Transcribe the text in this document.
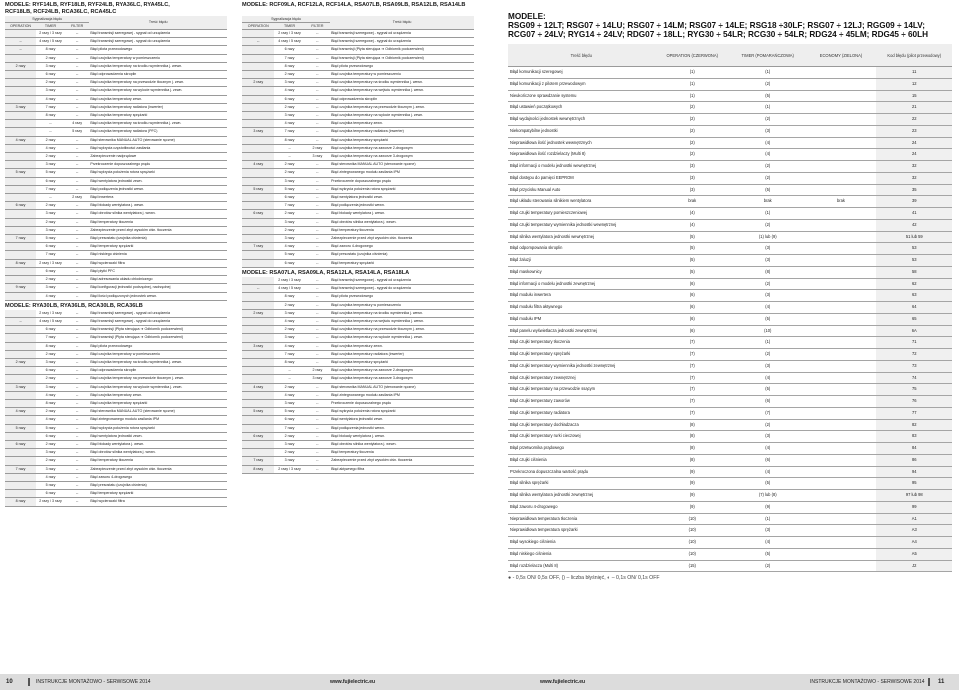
MODELE: RYF14LB, RYF18LB, RYF24LB, RYA36LC, RYA45LC,
RCF18LB, RCF24LB, RCA36LC, RCA45LC
Sygnalizacja błędu			Treść błędu
OPERATION	TIMER	FILTER	
	2 razy / 3 razy	--	Błąd transmisji szeregowej - sygnał od urządzenia
--	4 razy / 5 razy	--	Błąd transmisji szeregowej - sygnał do urządzenia
--	8 razy	--	Błąd pilota przewodowego
	2 razy	--	Błąd czujnika temperatury w pomieszczeniu
2 razy	3 razy	--	Błąd czujnika temperatury na środku wymiennika j. wewn.
	6 razy	--	Błąd odprowadzenia skroplin
	2 razy	--	Błąd czujnika temperatury na przewodzie tłocznym j. zewn.
	3 razy	--	Błąd czujnika temperatury na wylocie wymiennika j. zewn.
	4 razy	--	Błąd czujnika temperatury zewn.
3 razy	7 razy	--	Błąd czujnika temperatury radiatora (inwerter)
	8 razy	--	Błąd czujnika temperatury sprężarki
	--	4 razy	Błąd czujnika temperatury na środku wymiennika j. zewn.
	--	5 razy	Błąd czujnika temperatury radiatora (PFC)
4 razy	2 razy	--	Błąd sterownika MANUAL AUTO (sterowanie ręczne)
	4 razy	--	Błąd wykrycia częstotliwości zasilania
	2 razy	--	Zabezpieczenie nadprądowe
	3 razy	--	Przekroczenie dopuszczalnego prądu
5 razy	5 razy	--	Błąd wykrycia położenia rotora sprężarki
	6 razy	--	Błąd wentylatora jednostki zewn.
	7 razy	--	Błąd podłączenia jednostki wewn.
	--	2 razy	Błąd inwertera
6 razy	2 razy	--	Błąd blokady wentylatora j. wewn.
	3 razy	--	Błąd obrotów silnika wentylatora j. wewn.
	2 razy	--	Błąd temperatury tłoczenia
	3 razy	--	Zabezpieczenie przed zbyt wysokim ciśn. tłoczenia
7 razy	5 razy	--	Błąd presostatu (czujnika ciśnienia)
	6 razy	--	Błąd temperatury sprężarki
	7 razy	--	Błąd niskiego ciśnienia
8 razy	2 razy / 3 razy	--	Błąd wycieraczki filtra
	6 razy	--	Błąd płytki PFC
	2 razy	--	Błąd adresowania układu chłodniczego
9 razy	3 razy	--	Błąd konfiguracji jednostki podrzędnej, nadrzędnej
	4 razy	--	Błąd ilości podłączonych jednostek wewn.
MODELE: RYA30LB, RYA36LB, RCA30LB, RCA36LB
	2 razy / 3 razy	--	Błąd transmisji szeregowej - sygnał od urządzenia
--	4 razy / 5 razy	--	Błąd transmisji szeregowej - sygnał do urządzenia
	6 razy	--	Błąd transmisji (Płyta sterująca ➔ Odbiornik podczerwieni)
	7 razy	--	Błąd transmisji (Płyta sterująca ➔ Odbiornik podczerwieni)
	8 razy	--	Błąd pilota przewodowego
	2 razy	--	Błąd czujnika temperatury w pomieszczeniu
2 razy	3 razy	--	Błąd czujnika temperatury na środku wymiennika j. wewn.
	6 razy	--	Błąd odprowadzenia skroplin
	2 razy	--	Błąd czujnika temperatury na przewodzie tłocznym j. zewn.
3 razy	3 razy	--	Błąd czujnika temperatury na wylocie wymiennika j. zewn.
	4 razy	--	Błąd czujnika temperatury zewn.
	8 razy	--	Błąd czujnika temperatury sprężarki
4 razy	2 razy	--	Błąd sterownika MANUAL AUTO (sterowanie ręczne)
	4 razy	--	Błąd zintegrowanego modułu zasilania IPM
5 razy	5 razy	--	Błąd wykrycia położenia rotora sprężarki
	6 razy	--	Błąd wentylatora jednostki zewn.
6 razy	2 razy	--	Błąd blokady wentylatora j. wewn.
	3 razy	--	Błąd obrotów silnika wentylatora j. wewn.
	2 razy	--	Błąd temperatury tłoczenia
7 razy	3 razy	--	Zabezpieczenie przed zbyt wysokim ciśn. tłoczenia
	4 razy	--	Błąd zaworu 4-drogowego
	5 razy	--	Błąd presostatu (czujnika ciśnienia)
	6 razy	--	Błąd temperatury sprężarki
8 razy	2 razy / 3 razy	--	Błąd wycieraczki filtra
MODELE: RCF09LA, RCF12LA, RCF14LA, RSA07LB, RSA09LB, RSA12LB, RSA14LB
Sygnalizacja błędu			Treść błędu
OPERATION	TIMER	FILTER	
	2 razy / 3 razy	--	Błąd transmisji szeregowej - sygnał od urządzenia
--	4 razy / 5 razy	--	Błąd transmisji szeregowej - sygnał do urządzenia
	6 razy	--	Błąd transmisji (Płyta sterująca ➔ Odbiornik podczerwieni)
	7 razy	--	Błąd transmisji (Płyta sterująca ➔ Odbiornik podczerwieni)
	8 razy	--	Błąd pilota przewodowego
	2 razy	--	Błąd czujnika temperatury w pomieszczeniu
2 razy	3 razy	--	Błąd czujnika temperatury na środku wymiennika j. wewn.
	4 razy	--	Błąd czujnika temperatury na wejściu wymiennika j. wewn.
	6 razy	--	Błąd odprowadzenia skroplin
	2 razy	--	Błąd czujnika temperatury na przewodzie tłocznym j. zewn.
	3 razy	--	Błąd czujnika temperatury na wylocie wymiennika j. zewn.
	4 razy	--	Błąd czujnika temperatury zewn.
3 razy	7 razy	--	Błąd czujnika temperatury radiatora (inwerter)
	8 razy	--	Błąd czujnika temperatury sprężarki
	--	2 razy	Błąd czujnika temperatury na zaworze 2-drogowym
	--	3 razy	Błąd czujnika temperatury na zaworze 3-drogowym
4 razy	2 razy	--	Błąd sterownika MANUAL AUTO (sterowanie ręczne)
	2 razy	--	Błąd zintegrowanego modułu zasilania IPM
	3 razy	--	Przekroczenie dopuszczalnego prądu
5 razy	5 razy	--	Błąd wykrycia położenia rotora sprężarki
	6 razy	--	Błąd wentylatora jednostki zewn.
	7 razy	--	Błąd podłączenia jednostki wewn.
6 razy	2 razy	--	Błąd blokady wentylatora j. wewn.
	3 razy	--	Błąd obrotów silnika wentylatora j. wewn.
	2 razy	--	Błąd temperatury tłoczenia
	3 razy	--	Zabezpieczenie przed zbyt wysokim ciśn. tłoczenia
7 razy	4 razy	--	Błąd zaworu 4-drogowego
	5 razy	--	Błąd presostatu (czujnika ciśnienia)
	6 razy	--	Błąd temperatury sprężarki
MODELE: RSA07LA, RSA09LA, RSA12LA, RSA14LA, RSA18LA
	2 razy / 3 razy	--	Błąd transmisji szeregowej - sygnał od urządzenia
--	4 razy / 5 razy	--	Błąd transmisji szeregowej - sygnał do urządzenia
	8 razy	--	Błąd pilota przewodowego
	2 razy	--	Błąd czujnika temperatury w pomieszczeniu
2 razy	3 razy	--	Błąd czujnika temperatury na środku wymiennika j. wewn.
	4 razy	--	Błąd czujnika temperatury na wejściu wymiennika j. wewn.
	2 razy	--	Błąd czujnika temperatury na przewodzie tłocznym j. zewn.
	3 razy	--	Błąd czujnika temperatury na wylocie wymiennika j. zewn.
3 razy	4 razy	--	Błąd czujnika temperatury zewn.
	7 razy	--	Błąd czujnika temperatury radiatora (inwerter)
	8 razy	--	Błąd czujnika temperatury sprężarki
	--	2 razy	Błąd czujnika temperatury na zaworze 2-drogowym
	--	3 razy	Błąd czujnika temperatury na zaworze 3-drogowym
4 razy	2 razy	--	Błąd sterownika MANUAL AUTO (sterowanie ręczne)
	4 razy	--	Błąd zintegrowanego modułu zasilania IPM
	3 razy	--	Przekroczenie dopuszczalnego prądu
5 razy	5 razy	--	Błąd wykrycia położenia rotora sprężarki
	6 razy	--	Błąd wentylatora jednostki zewn.
	7 razy	--	Błąd podłączenia jednostki wewn.
6 razy	2 razy	--	Błąd blokady wentylatora j. wewn.
	3 razy	--	Błąd obrotów silnika wentylatora j. wewn.
	2 razy	--	Błąd temperatury tłoczenia
7 razy	3 razy	--	Zabezpieczenie przed zbyt wysokim ciśn. tłoczenia
8 razy	2 razy / 3 razy	--	Błąd aktywnego filtra
10	INSTRUKCJE MONTAŻOWO - SERWISOWE 2014	www.fujielectric.eu
MODELE:
RSG09 ÷ 12LT; RSG07 ÷ 14LU; RSG07 ÷ 14LM; RSG07 ÷ 14LE; RSG18 ÷30LF; RSG07 ÷ 12LJ; RGG09 ÷ 14LV;
RCG07 ÷ 24LV; RYG14 ÷ 24LV; RDG07 ÷ 18LL; RYG30 ÷ 54LR; RCG30 ÷ 54LR; RDG24 ÷ 45LM; RDG45 ÷ 60LH
Treść błędu	OPERATION (CZERWONA)	TIMER (POMARAŃCZOWA)	ECONOMY (ZIELONA)	Kod błędu (pilot przewodowy)
Błąd komunikacji szeregowej	(1)	(1)		11
Błąd komunikacji z pilotem przewodowym	(1)	(2)		12
Nieukończone sprawdzanie systemu	(1)	(5)		15
Błąd ustawień początkowych	(2)	(1)		21
Błąd wydajności jednostek wewnętrznych	(2)	(2)		22
Niekompatybilne jednostki	(2)	(3)		23
Nieprawidłowa ilość jednostek wewnętrznych	(2)	(4)		24
Nieprawidłowa ilość rozdzielaczy (Multi 8)	(2)	(4)		24
Błąd informacji o modelu jednostki wewnętrznej	(3)	(2)		32
Błąd dostępu do pamięci EEPROM	(3)	(2)		32
Błąd przycisku Manual Auto	(3)	(5)		35
Błąd układu sterowania silnikiem wentylatora	brak	brak	brak	39
Błąd czujki temperatury pomieszczeniowej	(4)	(1)		41
Błąd czujki temperatury wymiennika jednostki wewnętrznej	(4)	(2)		42
Błąd silnika wentylatora jednostki wewnętrznej	(5)	(1) lub (9)		51 lub 59
Błąd odpompowania skroplin	(5)	(3)		53
Błąd żaluzji	(5)	(3)		53
Błąd maskownicy	(5)	(8)		58
Błąd informacji o modelu jednostki zewnętrznej	(6)	(2)		62
Błąd modułu inwertera	(6)	(3)		63
Błąd modułu filtra aktywnego	(6)	(4)		64
Błąd modułu IPM	(6)	(5)		65
Błąd panelu wyświetlacza jednostki zewnętrznej	(6)	(10)		6A
Błąd czujki temperatury tłoczenia	(7)	(1)		71
Błąd czujki temperatury sprężarki	(7)	(2)		72
Błąd czujki temperatury wymiennika jednostki zewnętrznej	(7)	(3)		73
Błąd czujki temperatury zewnętrznej	(7)	(4)		74
Błąd czujki temperatury na przewodzie ssącym	(7)	(5)		75
Błąd czujki temperatury zaworów	(7)	(6)		76
Błąd czujki temperatury radiatora	(7)	(7)		77
Błąd czujki temperatury dochładzacza	(8)	(2)		82
Błąd czujki temperatury rurki cieczowej	(8)	(3)		83
Błąd przetwornika prądowego	(8)	(4)		84
Błąd czujki ciśnienia	(8)	(6)		86
Przekroczona dopuszczalna wartość prądu	(9)	(4)		94
Błąd silnika sprężarki	(9)	(5)		95
Błąd silnika wentylatora jednostki zewnętrznej	(9)	(7) lub (8)		97 lub 98
Błąd zaworu 4-drogowego	(9)	(9)		99
Nieprawidłowa temperatura tłoczenia	(10)	(1)		A1
Nieprawidłowa temperatura sprężarki	(10)	(3)		A3
Błąd wysokiego ciśnienia	(10)	(4)		A4
Błąd niskiego ciśnienia	(10)	(5)		A5
Błąd rozdzielacza (Multi 8)	(15)	(2)		J2
● - 0,5s ON/ 0,5s OFF, () – liczba błyśnięć, ◐ – 0,1s ON/ 0,1s OFF
www.fujielectric.eu	INSTRUKCJE MONTAŻOWO - SERWISOWE 2014 11
